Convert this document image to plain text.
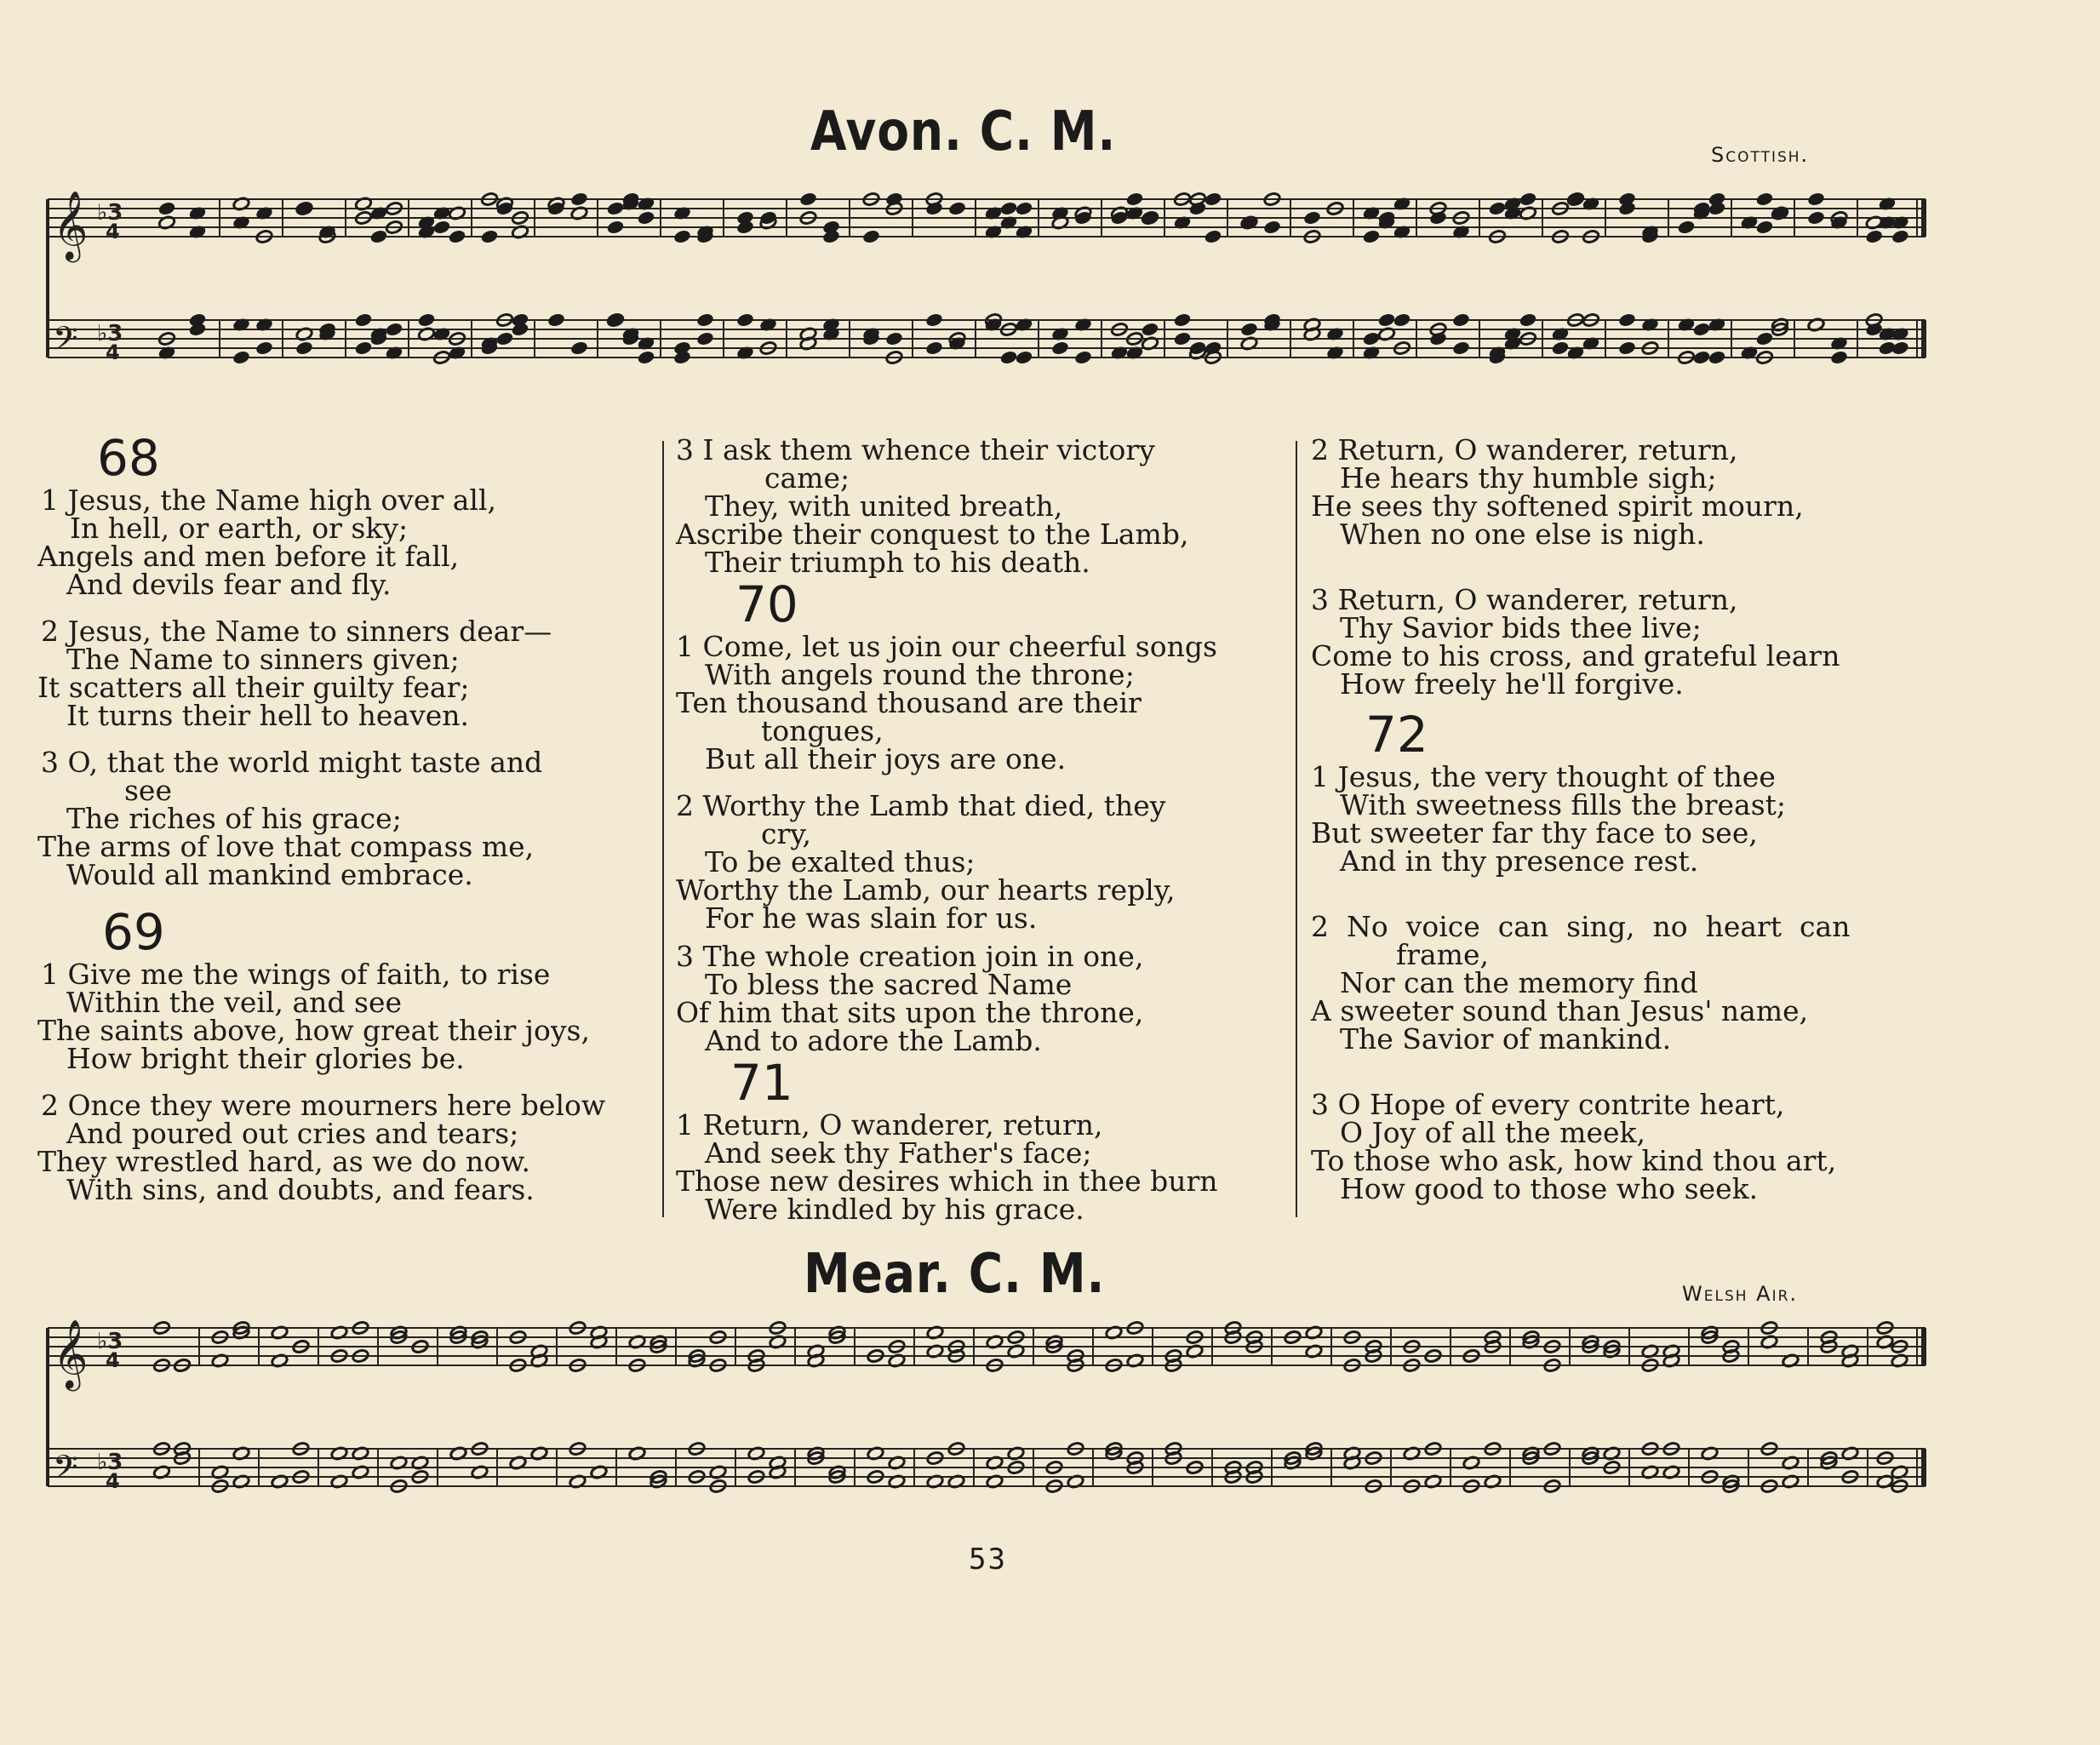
Avon. C. M.	Scottish.
𝄞 ♭3
4
𝄢 ♭3
4
68
1 Jesus, the Name high over all,
In hell, or earth, or sky;
Angels and men before it fall,
And devils fear and fly.
2 Jesus, the Name to sinners dear—
The Name to sinners given;
It scatters all their guilty fear;
It turns their hell to heaven.
3 O, that the world might taste and
see
The riches of his grace;
The arms of love that compass me,
Would all mankind embrace.
69
1 Give me the wings of faith, to rise
Within the veil, and see
The saints above, how great their joys,
How bright their glories be.
2 Once they were mourners here below
And poured out cries and tears;
They wrestled hard, as we do now.
With sins, and doubts, and fears.
3 I ask them whence their victory
came;
They, with united breath,
Ascribe their conquest to the Lamb,
Their triumph to his death.
70
1 Come, let us join our cheerful songs
With angels round the throne;
Ten thousand thousand are their
tongues,
But all their joys are one.
2 Worthy the Lamb that died, they
cry,
To be exalted thus;
Worthy the Lamb, our hearts reply,
For he was slain for us.
3 The whole creation join in one,
To bless the sacred Name
Of him that sits upon the throne,
And to adore the Lamb.
71
1 Return, O wanderer, return,
And seek thy Father's face;
Those new desires which in thee burn
Were kindled by his grace.
2 Return, O wanderer, return,
He hears thy humble sigh;
He sees thy softened spirit mourn,
When no one else is nigh.
3 Return, O wanderer, return,
Thy Savior bids thee live;
Come to his cross, and grateful learn
How freely he'll forgive.
72
1 Jesus, the very thought of thee
With sweetness fills the breast;
But sweeter far thy face to see,
And in thy presence rest.
2  No  voice  can  sing,  no  heart  can
frame,
Nor can the memory find
A sweeter sound than Jesus' name,
The Savior of mankind.
3 O Hope of every contrite heart,
O Joy of all the meek,
To those who ask, how kind thou art,
How good to those who seek.
Mear. C. M.	Welsh Air.
𝄞 ♭3
4
𝄢 ♭3
4
53
